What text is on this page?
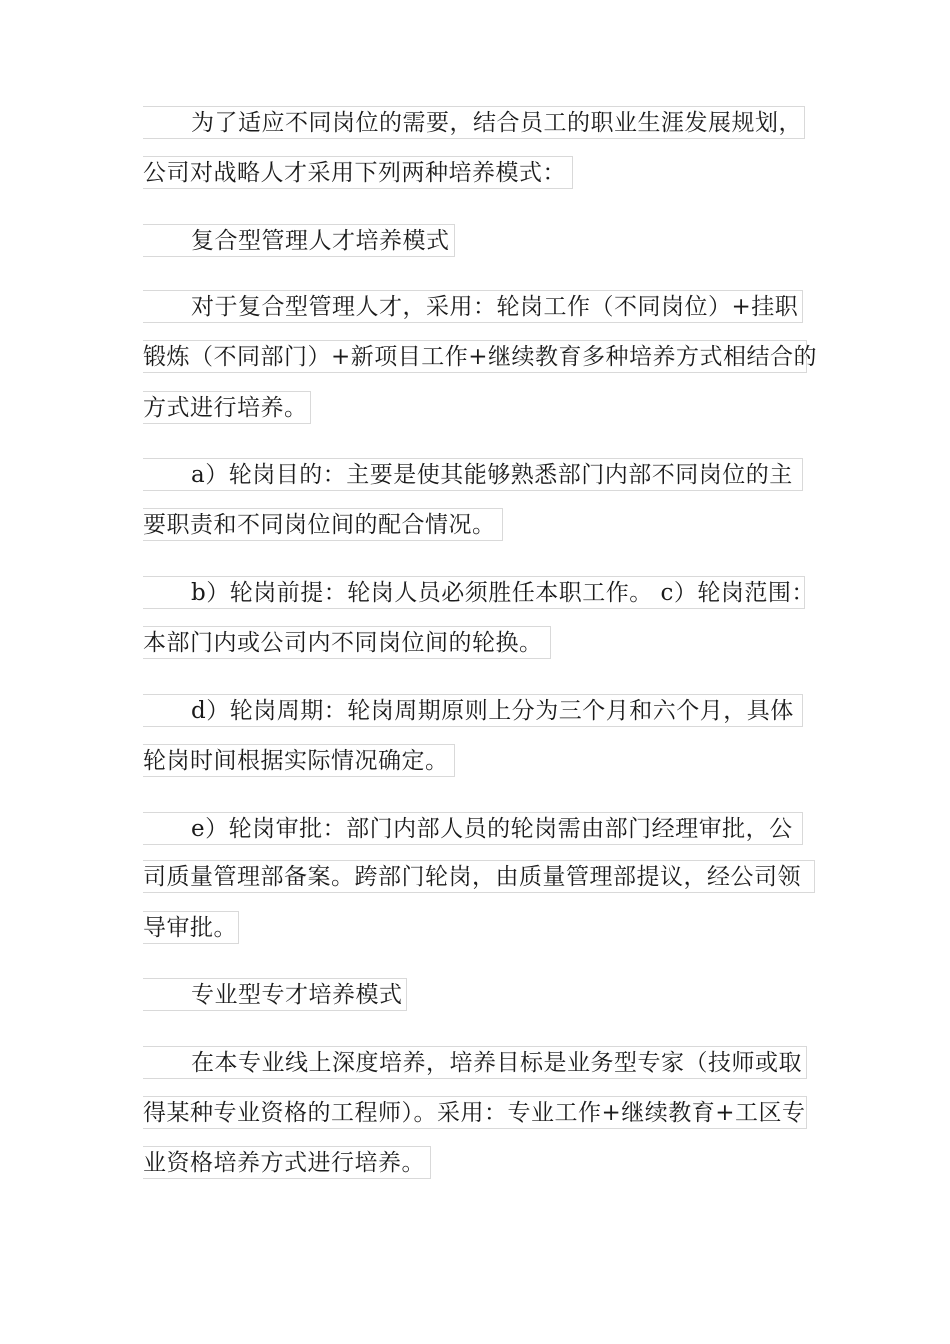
为了适应不同岗位的需要，结合员工的职业生涯发展规划，
公司对战略人才采用下列两种培养模式：
复合型管理人才培养模式
对于复合型管理人才，采用：轮岗工作（不同岗位）+挂职
锻炼（不同部门）+新项目工作+继续教育多种培养方式相结合的
方式进行培养。
a）轮岗目的：主要是使其能够熟悉部门内部不同岗位的主
要职责和不同岗位间的配合情况。
b）轮岗前提：轮岗人员必须胜任本职工作。 c）轮岗范围：
本部门内或公司内不同岗位间的轮换。
d）轮岗周期：轮岗周期原则上分为三个月和六个月，具体
轮岗时间根据实际情况确定。
e）轮岗审批：部门内部人员的轮岗需由部门经理审批，公
司质量管理部备案。跨部门轮岗，由质量管理部提议，经公司领
导审批。
专业型专才培养模式
在本专业线上深度培养，培养目标是业务型专家（技师或取
得某种专业资格的工程师）。采用：专业工作+继续教育+工区专
业资格培养方式进行培养。
